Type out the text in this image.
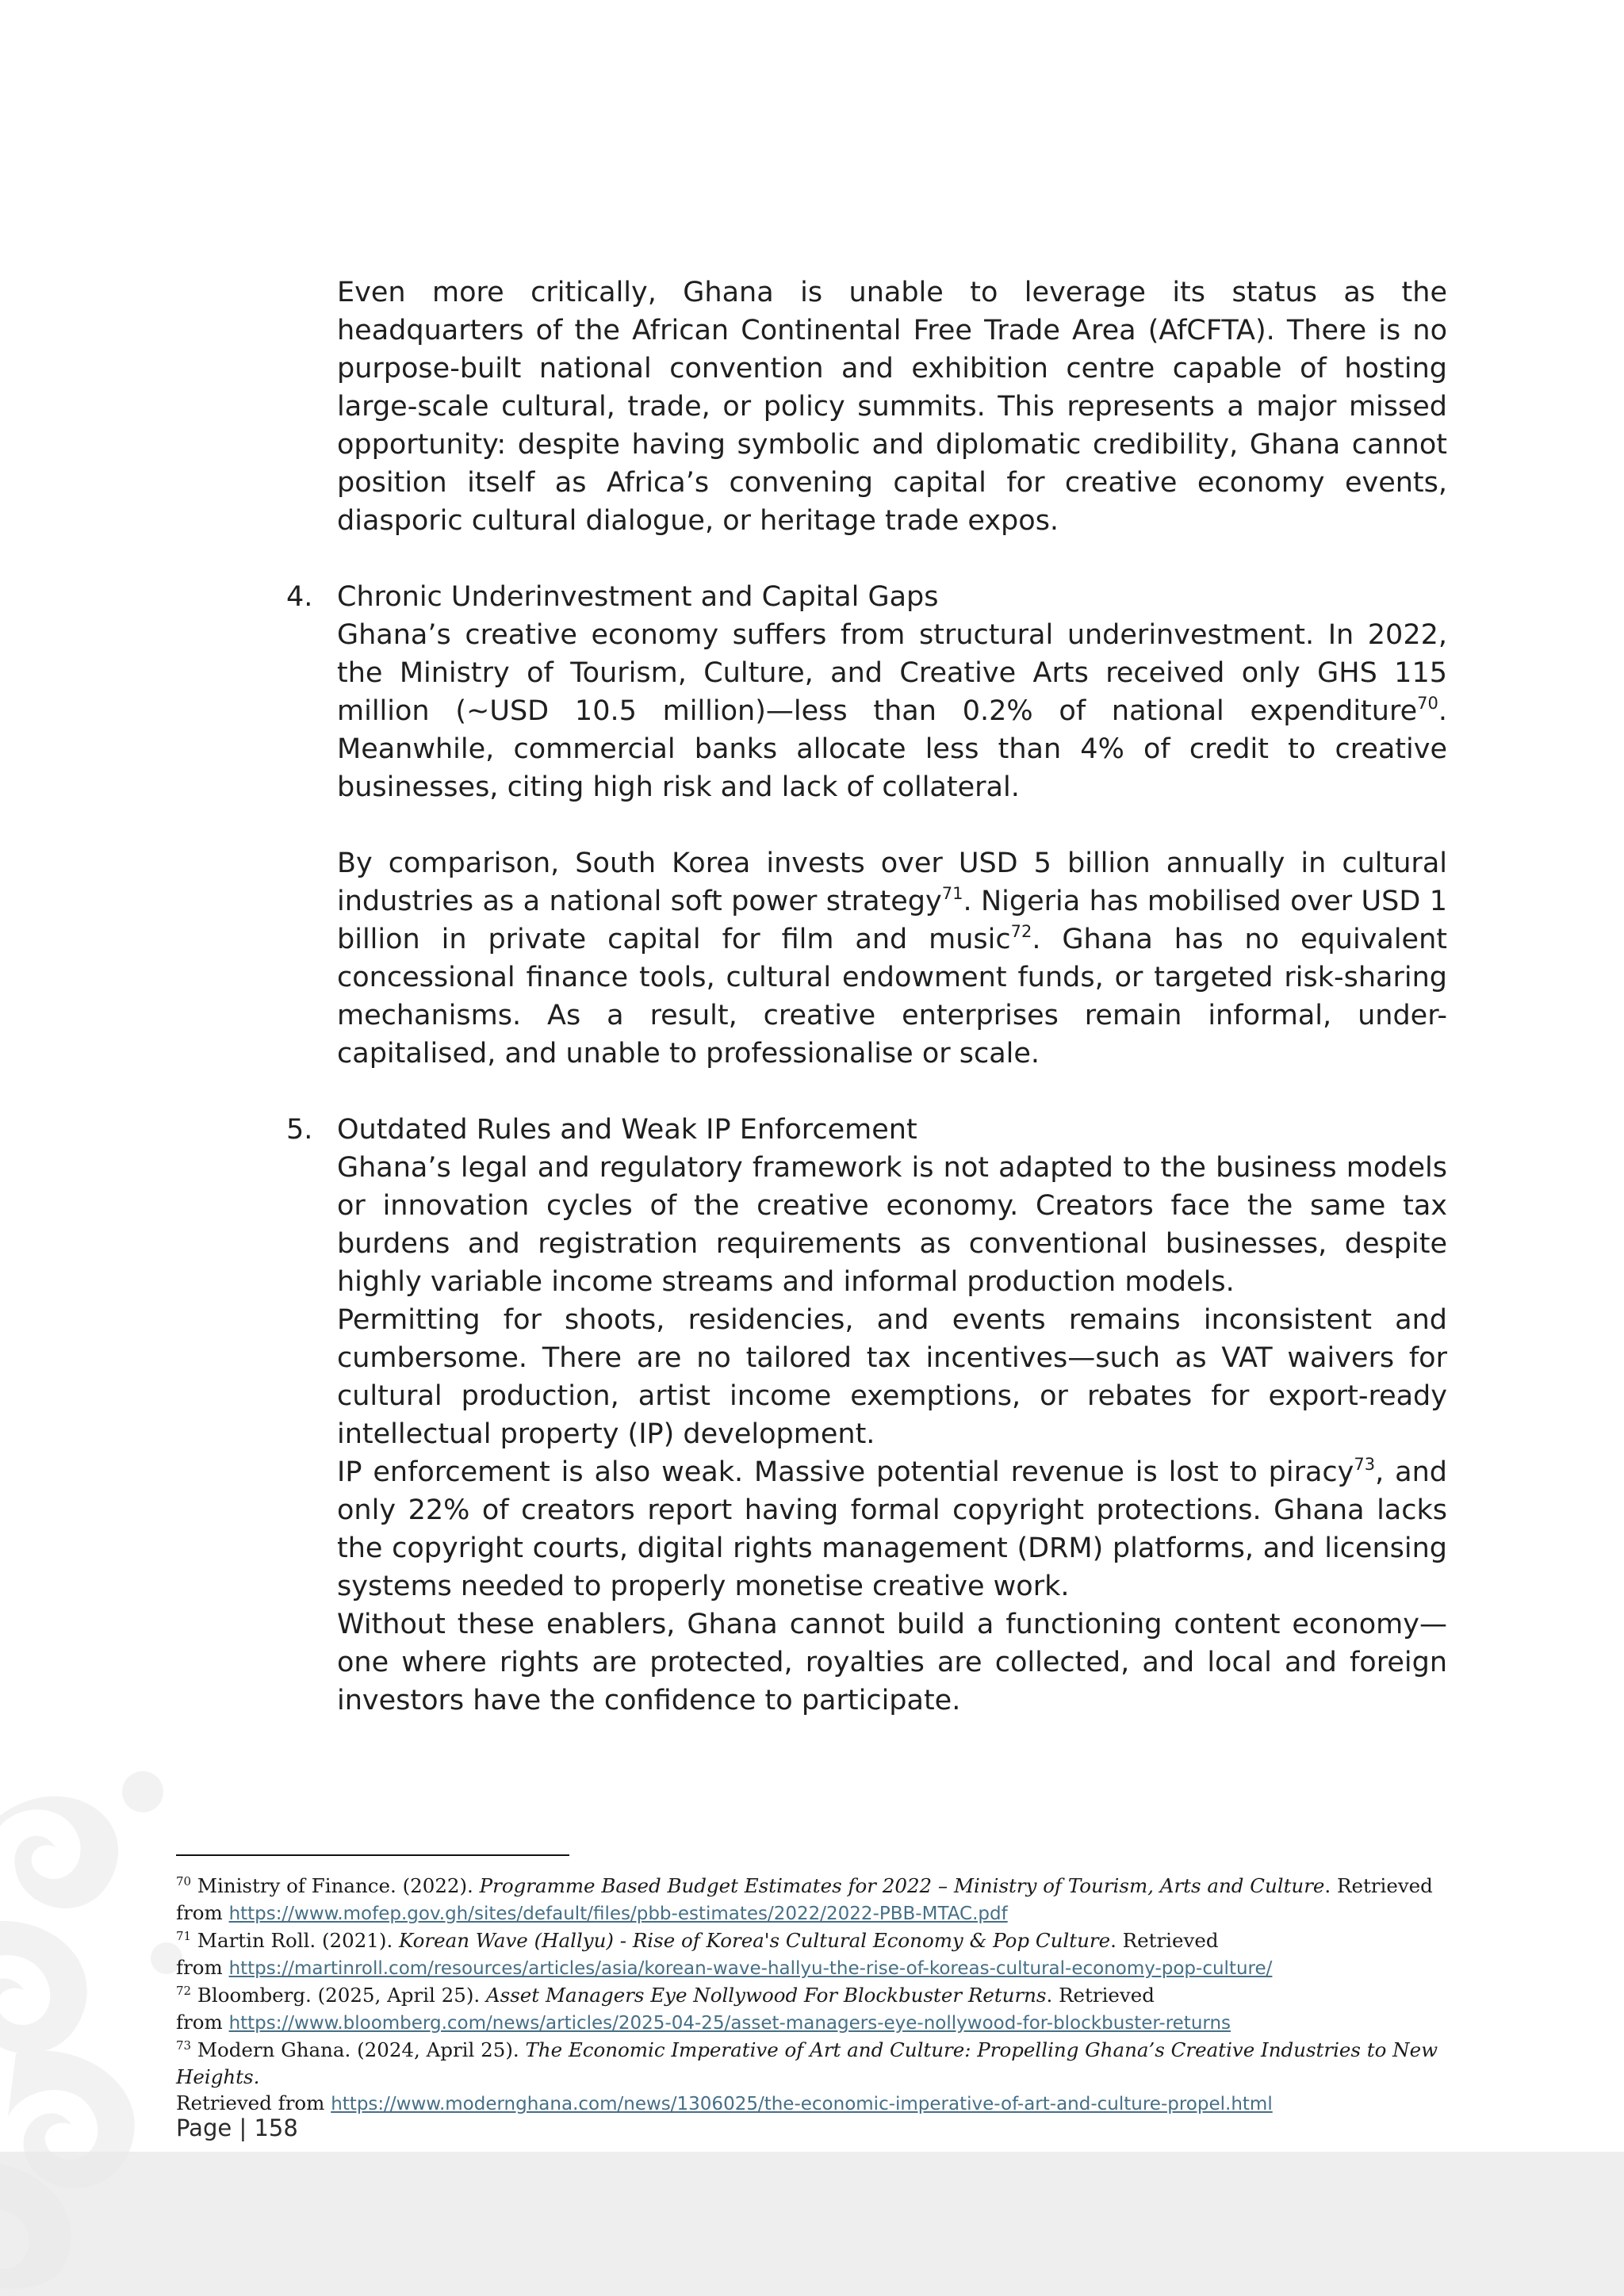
Even more critically, Ghana is unable to leverage its status as the headquarters of the African Continental Free Trade Area (AfCFTA). There is no purpose-built national convention and exhibition centre capable of hosting large-scale cultural, trade, or policy summits. This represents a major missed opportunity: despite having symbolic and diplomatic credibility, Ghana cannot position itself as Africa’s convening capital for creative economy events, diasporic cultural dialogue, or heritage trade expos.

4. Chronic Underinvestment and Capital Gaps

Ghana’s creative economy suffers from structural underinvestment. In 2022, the Ministry of Tourism, Culture, and Creative Arts received only GHS 115 million (~USD 10.5 million)—less than 0.2% of national expenditure$^{70}$. Meanwhile, commercial banks allocate less than 4% of credit to creative businesses, citing high risk and lack of collateral.

By comparison, South Korea invests over USD 5 billion annually in cultural industries as a national soft power strategy$^{71}$. Nigeria has mobilised over USD 1 billion in private capital for film and music$^{72}$. Ghana has no equivalent concessional finance tools, cultural endowment funds, or targeted risk-sharing mechanisms. As a result, creative enterprises remain informal, under-capitalised, and unable to professionalise or scale.

5. Outdated Rules and Weak IP Enforcement

Ghana’s legal and regulatory framework is not adapted to the business models or innovation cycles of the creative economy. Creators face the same tax burdens and registration requirements as conventional businesses, despite highly variable income streams and informal production models.

Permitting for shoots, residencies, and events remains inconsistent and cumbersome. There are no tailored tax incentives—such as VAT waivers for cultural production, artist income exemptions, or rebates for export-ready intellectual property (IP) development.

IP enforcement is also weak. Massive potential revenue is lost to piracy$^{73}$, and only 22% of creators report having formal copyright protections. Ghana lacks the copyright courts, digital rights management (DRM) platforms, and licensing systems needed to properly monetise creative work.

Without these enablers, Ghana cannot build a functioning content economy—one where rights are protected, royalties are collected, and local and foreign investors have the confidence to participate.

$^{70}$ Ministry of Finance. (2022). Programme Based Budget Estimates for 2022 – Ministry of Tourism, Arts and Culture. Retrieved
from https://www.mofep.gov.gh/sites/default/files/pbb-estimates/2022/2022-PBB-MTAC.pdf

$^{71}$ Martin Roll. (2021). Korean Wave (Hallyu) - Rise of Korea's Cultural Economy & Pop Culture. Retrieved
from https://martinroll.com/resources/articles/asia/korean-wave-hallyu-the-rise-of-koreas-cultural-economy-pop-culture/

$^{72}$ Bloomberg. (2025, April 25). Asset Managers Eye Nollywood For Blockbuster Returns. Retrieved
from https://www.bloomberg.com/news/articles/2025-04-25/asset-managers-eye-nollywood-for-blockbuster-returns

$^{73}$ Modern Ghana. (2024, April 25). The Economic Imperative of Art and Culture: Propelling Ghana’s Creative Industries to New Heights.
Retrieved from https://www.modernghana.com/news/1306025/the-economic-imperative-of-art-and-culture-propel.html

Page | 158
